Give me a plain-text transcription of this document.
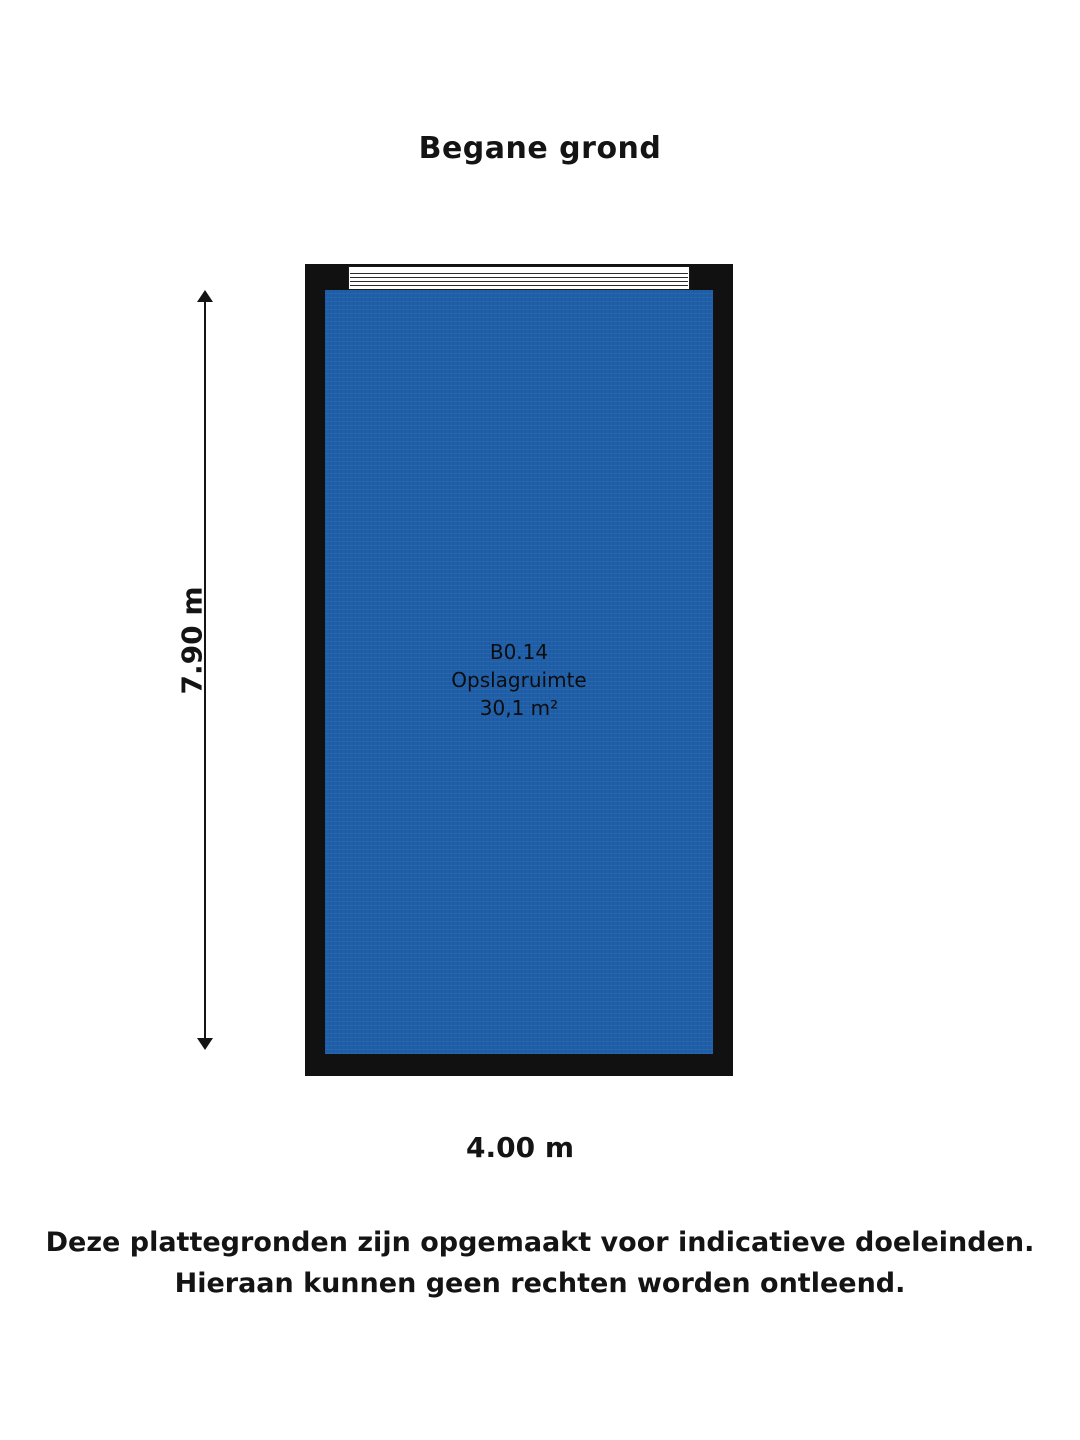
Begane grond
B0.14
Opslagruimte
30,1 m²
7.90 m
4.00 m
Deze plattegronden zijn opgemaakt voor indicatieve doeleinden.
Hieraan kunnen geen rechten worden ontleend.
